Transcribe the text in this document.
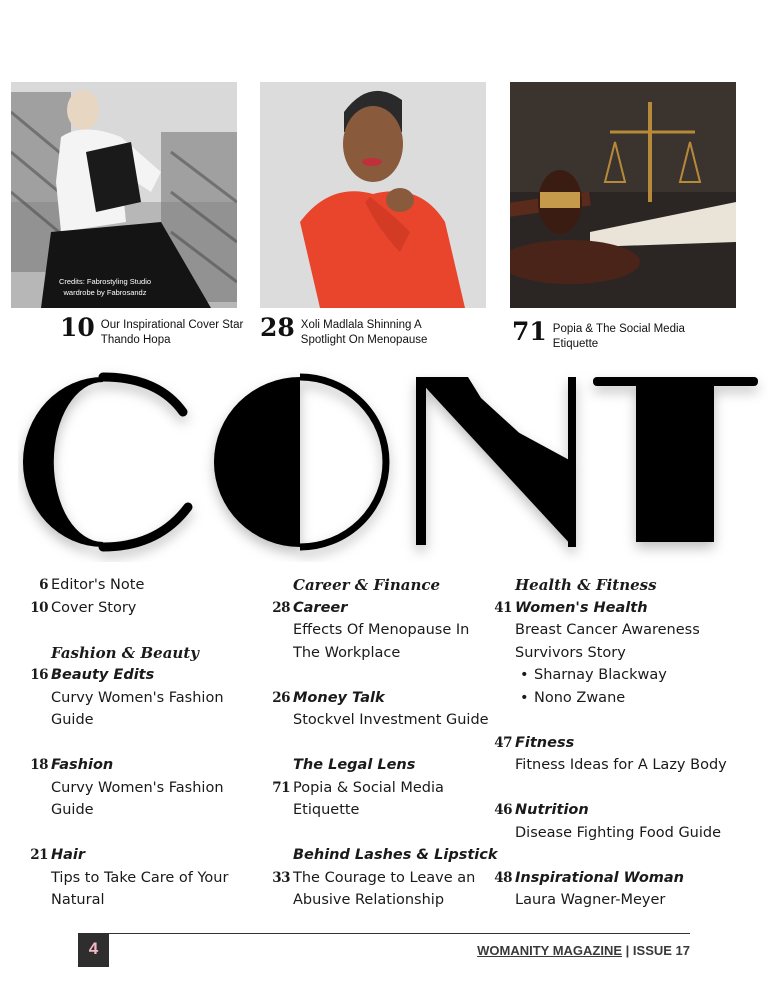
Credits: Fabrostyling Studio
wardrobe by Fabrosandz
10 Our Inspirational Cover Star Thando Hopa	28 Xoli Madlala Shinning A Spotlight On Menopause	71 Popia & The Social Media Etiquette
6 Editor's Note
10 Cover Story
Fashion & Beauty
16 Beauty Edits
Curvy Women's Fashion
Guide
18 Fashion
Curvy Women's Fashion
Guide
21 Hair
Tips to Take Care of Your
Natural
Career & Finance
28 Career
Effects Of Menopause In
The Workplace
26 Money Talk
Stockvel Investment Guide
The Legal Lens
71 Popia & Social Media
Etiquette
Behind Lashes & Lipstick
33 The Courage to Leave an
Abusive Relationship
Health & Fitness
41 Women's Health
Breast Cancer Awareness
Survivors Story
• Sharnay Blackway
• Nono Zwane
47 Fitness
Fitness Ideas for A Lazy Body
46 Nutrition
Disease Fighting Food Guide
48 Inspirational Woman
Laura Wagner-Meyer
4	WOMANITY MAGAZINE | ISSUE 17
